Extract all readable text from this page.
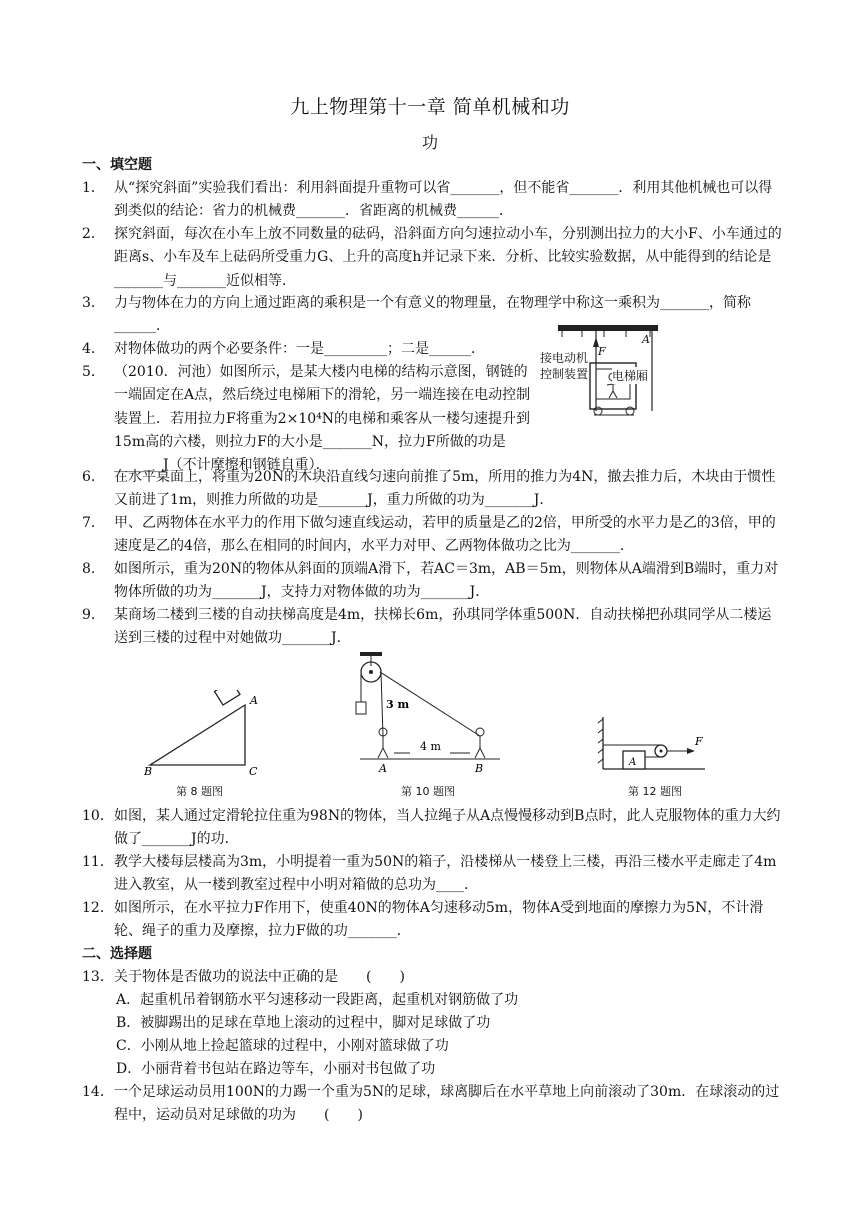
九上物理第十一章 简单机械和功
功
一、填空题
1． 从“探究斜面”实验我们看出：利用斜面提升重物可以省_______，但不能省_______．利用其他机械也可以得到类似的结论：省力的机械费_______．省距离的机械费______．
2． 探究斜面，每次在小车上放不同数量的砝码，沿斜面方向匀速拉动小车，分别测出拉力的大小F、小车通过的距离s、小车及车上砝码所受重力G、上升的高度h并记录下来．分析、比较实验数据，从中能得到的结论是_______与_______近似相等．
3． 力与物体在力的方向上通过距离的乘积是一个有意义的物理量，在物理学中称这一乘积为_______，简称______．
4． 对物体做功的两个必要条件：一是_________；二是______．
5． （2010．河池）如图所示，是某大楼内电梯的结构示意图，钢链的一端固定在A点，然后绕过电梯厢下的滑轮，另一端连接在电动控制装置上．若用拉力F将重为2×10⁴N的电梯和乘客从一楼匀速提升到15m高的六楼，则拉力F的大小是_______N，拉力F所做的功是_______J（不计摩擦和钢链自重）．
接电动机
控制装置 电梯厢
A
F
6． 在水平桌面上，将重为20N的木块沿直线匀速向前推了5m，所用的推力为4N，撤去推力后，木块由于惯性又前进了1m，则推力所做的功是_______J，重力所做的功为_______J．
7． 甲、乙两物体在水平力的作用下做匀速直线运动，若甲的质量是乙的2倍，甲所受的水平力是乙的3倍，甲的速度是乙的4倍，那么在相同的时间内，水平力对甲、乙两物体做功之比为_______．
8． 如图所示，重为20N的物体从斜面的顶端A滑下，若AC＝3m，AB＝5m，则物体从A端滑到B端时，重力对物体所做的功为_______J，支持力对物体做的功为_______J．
9． 某商场二楼到三楼的自动扶梯高度是4m，扶梯长6m，孙琪同学体重500N．自动扶梯把孙琪同学从二楼运送到三楼的过程中对她做功_______J．
A
B	C
第 8 题图
3 m
4 m
A	B
第 10 题图
A
F
第 12 题图
10． 如图，某人通过定滑轮拉住重为98N的物体，当人拉绳子从A点慢慢移动到B点时，此人克服物体的重力大约做了_______J的功．
11． 教学大楼每层楼高为3m，小明提着一重为50N的箱子，沿楼梯从一楼登上三楼，再沿三楼水平走廊走了4m进入教室，从一楼到教室过程中小明对箱做的总功为____．
12． 如图所示，在水平拉力F作用下，使重40N的物体A匀速移动5m，物体A受到地面的摩擦力为5N，不计滑轮、绳子的重力及摩擦，拉力F做的功_______．
二、选择题
13． 关于物体是否做功的说法中正确的是　　(　　)
A．起重机吊着钢筋水平匀速移动一段距离，起重机对钢筋做了功
B．被脚踢出的足球在草地上滚动的过程中，脚对足球做了功
C．小刚从地上捡起篮球的过程中，小刚对篮球做了功
D．小丽背着书包站在路边等车，小丽对书包做了功
14． 一个足球运动员用100N的力踢一个重为5N的足球，球离脚后在水平草地上向前滚动了30m．在球滚动的过程中，运动员对足球做的功为　　(　　)
